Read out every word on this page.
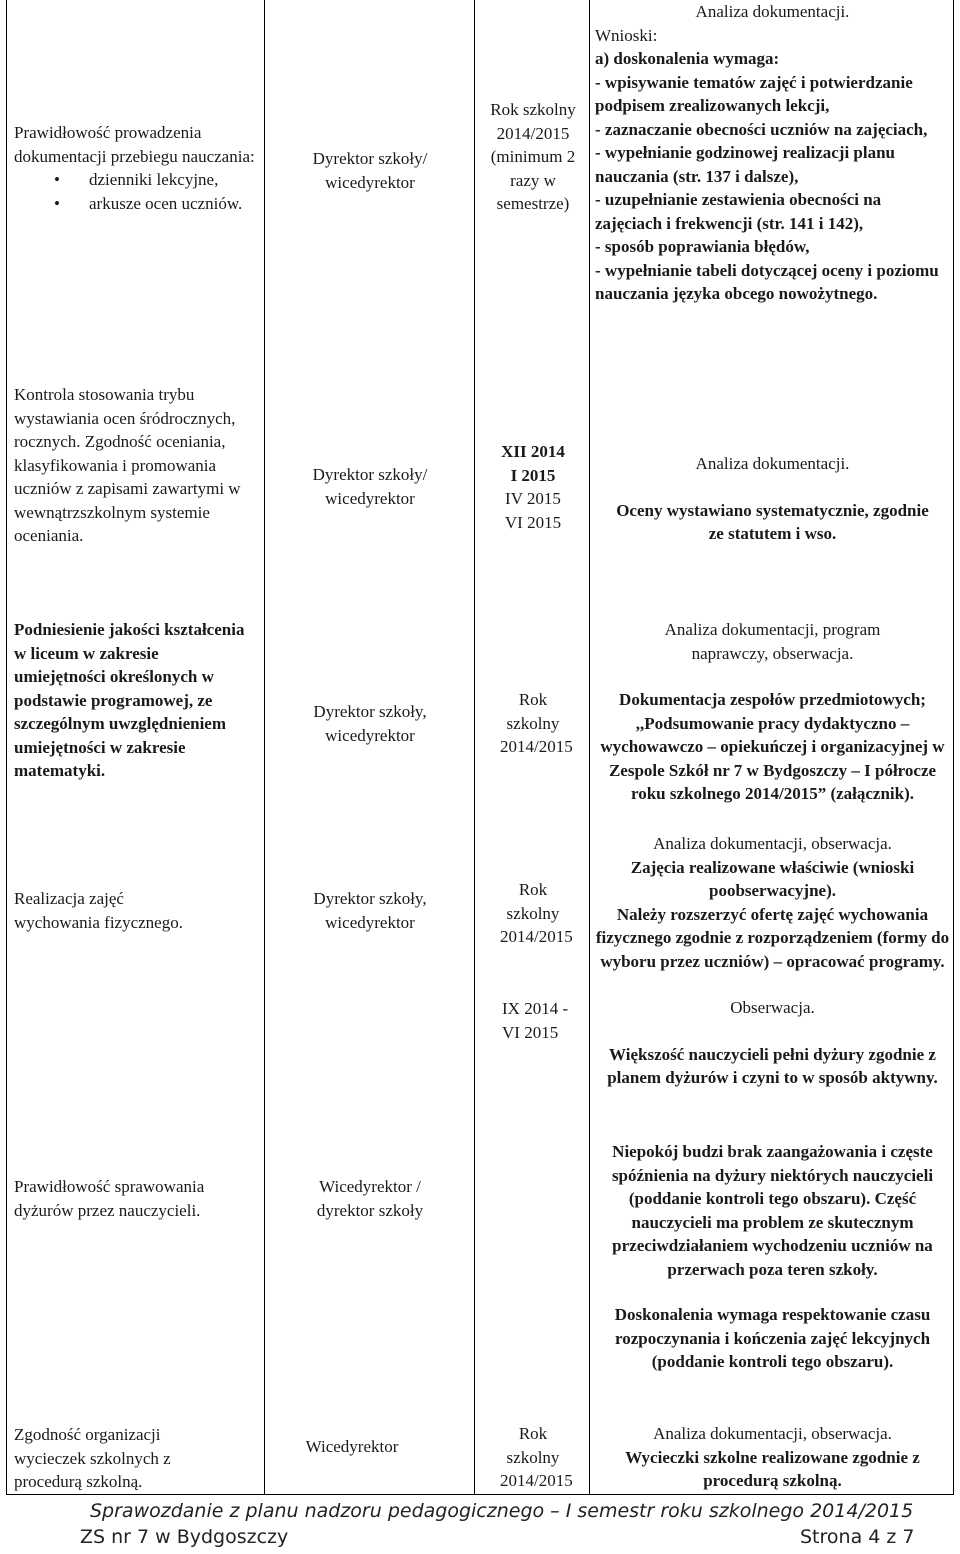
Prawidłowość prowadzenia dokumentacji przebiegu nauczania:
• dzienniki lekcyjne,
• arkusze ocen uczniów.
Dyrektor szkoły/ wicedyrektor
Rok szkolny 2014/2015 (minimum 2 razy w semestrze)
Analiza dokumentacji.
Wnioski:
a) doskonalenia wymaga:
- wpisywanie tematów zajęć i potwierdzanie podpisem zrealizowanych lekcji,
- zaznaczanie obecności uczniów na zajęciach,
- wypełnianie godzinowej realizacji planu nauczania (str. 137 i dalsze),
- uzupełnianie zestawienia obecności na zajęciach i frekwencji (str. 141 i 142),
- sposób poprawiania błędów,
- wypełnianie tabeli dotyczącej oceny i poziomu nauczania języka obcego nowożytnego.
Kontrola stosowania trybu wystawiania ocen śródrocznych, rocznych. Zgodność oceniania, klasyfikowania i promowania uczniów z zapisami zawartymi w wewnątrzszkolnym systemie oceniania.
Dyrektor szkoły/ wicedyrektor
XII 2014
I 2015
IV 2015
VI 2015
Analiza dokumentacji.
Oceny wystawiano systematycznie, zgodnie ze statutem i wso.
Podniesienie jakości kształcenia w liceum w zakresie umiejętności określonych w podstawie programowej, ze szczególnym uwzględnieniem umiejętności w zakresie matematyki.
Dyrektor szkoły, wicedyrektor
Rok szkolny 2014/2015
Analiza dokumentacji, program naprawczy, obserwacja.
Dokumentacja zespołów przedmiotowych; ,,Podsumowanie pracy dydaktyczno – wychowawczo – opiekuńczej i organizacyjnej w Zespole Szkół nr 7 w Bydgoszczy – I półrocze roku szkolnego 2014/2015” (załącznik).
Realizacja zajęć wychowania fizycznego.
Dyrektor szkoły, wicedyrektor
Rok szkolny 2014/2015
Analiza dokumentacji, obserwacja.
Zajęcia realizowane właściwie (wnioski poobserwacyjne).
Należy rozszerzyć ofertę zajęć wychowania fizycznego zgodnie z rozporządzeniem (formy do wyboru przez uczniów) – opracować programy.
IX 2014 - VI 2015
Obserwacja.
Większość nauczycieli pełni dyżury zgodnie z planem dyżurów i czyni to w sposób aktywny.
Prawidłowość sprawowania dyżurów przez nauczycieli.
Wicedyrektor / dyrektor szkoły
Niepokój budzi brak zaangażowania i częste spóźnienia na dyżury niektórych nauczycieli (poddanie kontroli tego obszaru). Część nauczycieli ma problem ze skutecznym przeciwdziałaniem wychodzeniu uczniów na przerwach poza teren szkoły.
Doskonalenia wymaga respektowanie czasu rozpoczynania i kończenia zajęć lekcyjnych (poddanie kontroli tego obszaru).
Zgodność organizacji wycieczek szkolnych z procedurą szkolną.
Wicedyrektor
Rok szkolny 2014/2015
Analiza dokumentacji, obserwacja.
Wycieczki szkolne realizowane zgodnie z procedurą szkolną.
Sprawozdanie z planu nadzoru pedagogicznego – I semestr roku szkolnego 2014/2015
ZS nr 7 w Bydgoszczy	Strona 4 z 7
